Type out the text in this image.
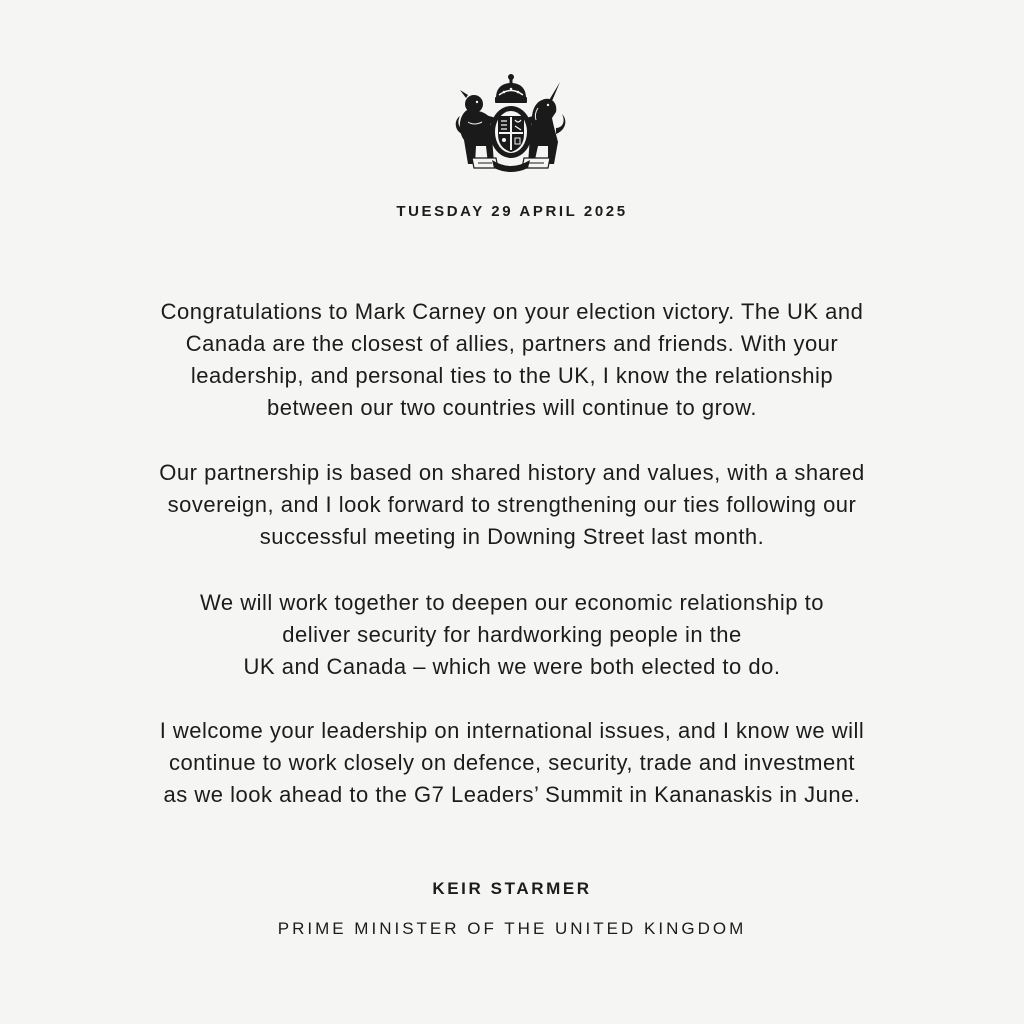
TUESDAY 29 APRIL 2025

Congratulations to Mark Carney on your election victory. The UK and
Canada are the closest of allies, partners and friends. With your
leadership, and personal ties to the UK, I know the relationship
between our two countries will continue to grow.

Our partnership is based on shared history and values, with a shared
sovereign, and I look forward to strengthening our ties following our
successful meeting in Downing Street last month.

We will work together to deepen our economic relationship to
deliver security for hardworking people in the
UK and Canada – which we were both elected to do.

I welcome your leadership on international issues, and I know we will
continue to work closely on defence, security, trade and investment
as we look ahead to the G7 Leaders’ Summit in Kananaskis in June.

KEIR STARMER
PRIME MINISTER OF THE UNITED KINGDOM
